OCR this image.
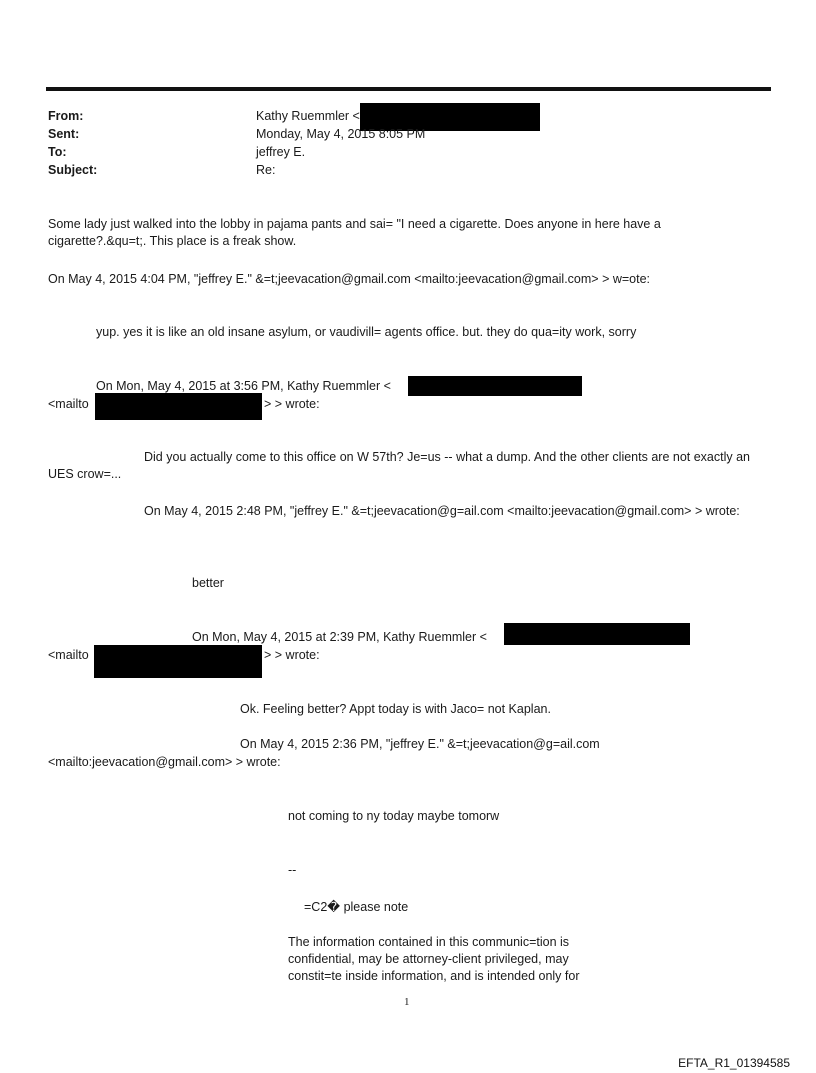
From:	Kathy Ruemmler <
Sent:	Monday, May 4, 2015 8:05 PM
To:	jeffrey E.
Subject:	Re:
Some lady just walked into the lobby in pajama pants and sai= "I need a cigarette. Does anyone in here have a cigarette?.&qu=t;. This place is a freak show.
On May 4, 2015 4:04 PM, "jeffrey E." &=t;jeevacation@gmail.com <mailto:jeevacation@gmail.com> > w=ote:
yup. yes it is like an old insane asylum, or vaudivill= agents office. but. they do qua=ity work, sorry
On Mon, May 4, 2015 at 3:56 PM, Kathy Ruemmler <
<mailto	> > wrote:
Did you actually come to this office on W 57th? Je=us -- what a dump. And the other clients are not exactly an UES crow=...
On May 4, 2015 2:48 PM, "jeffrey E." &=t;jeevacation@g=ail.com <mailto:jeevacation@gmail.com> > wrote:
better
On Mon, May 4, 2015 at 2:39 PM, Kathy Ruemmler <
<mailto	> > wrote:
Ok. Feeling better? Appt today is with Jaco= not Kaplan.
On May 4, 2015 2:36 PM, "jeffrey E." &=t;jeevacation@g=ail.com
<mailto:jeevacation@gmail.com> > wrote:
not coming to ny today maybe tomorw
--
=C2� please note
The information contained in this communic=tion is confidential, may be attorney-client privileged, may constit=te inside information, and is intended only for
1
EFTA_R1_01394585
